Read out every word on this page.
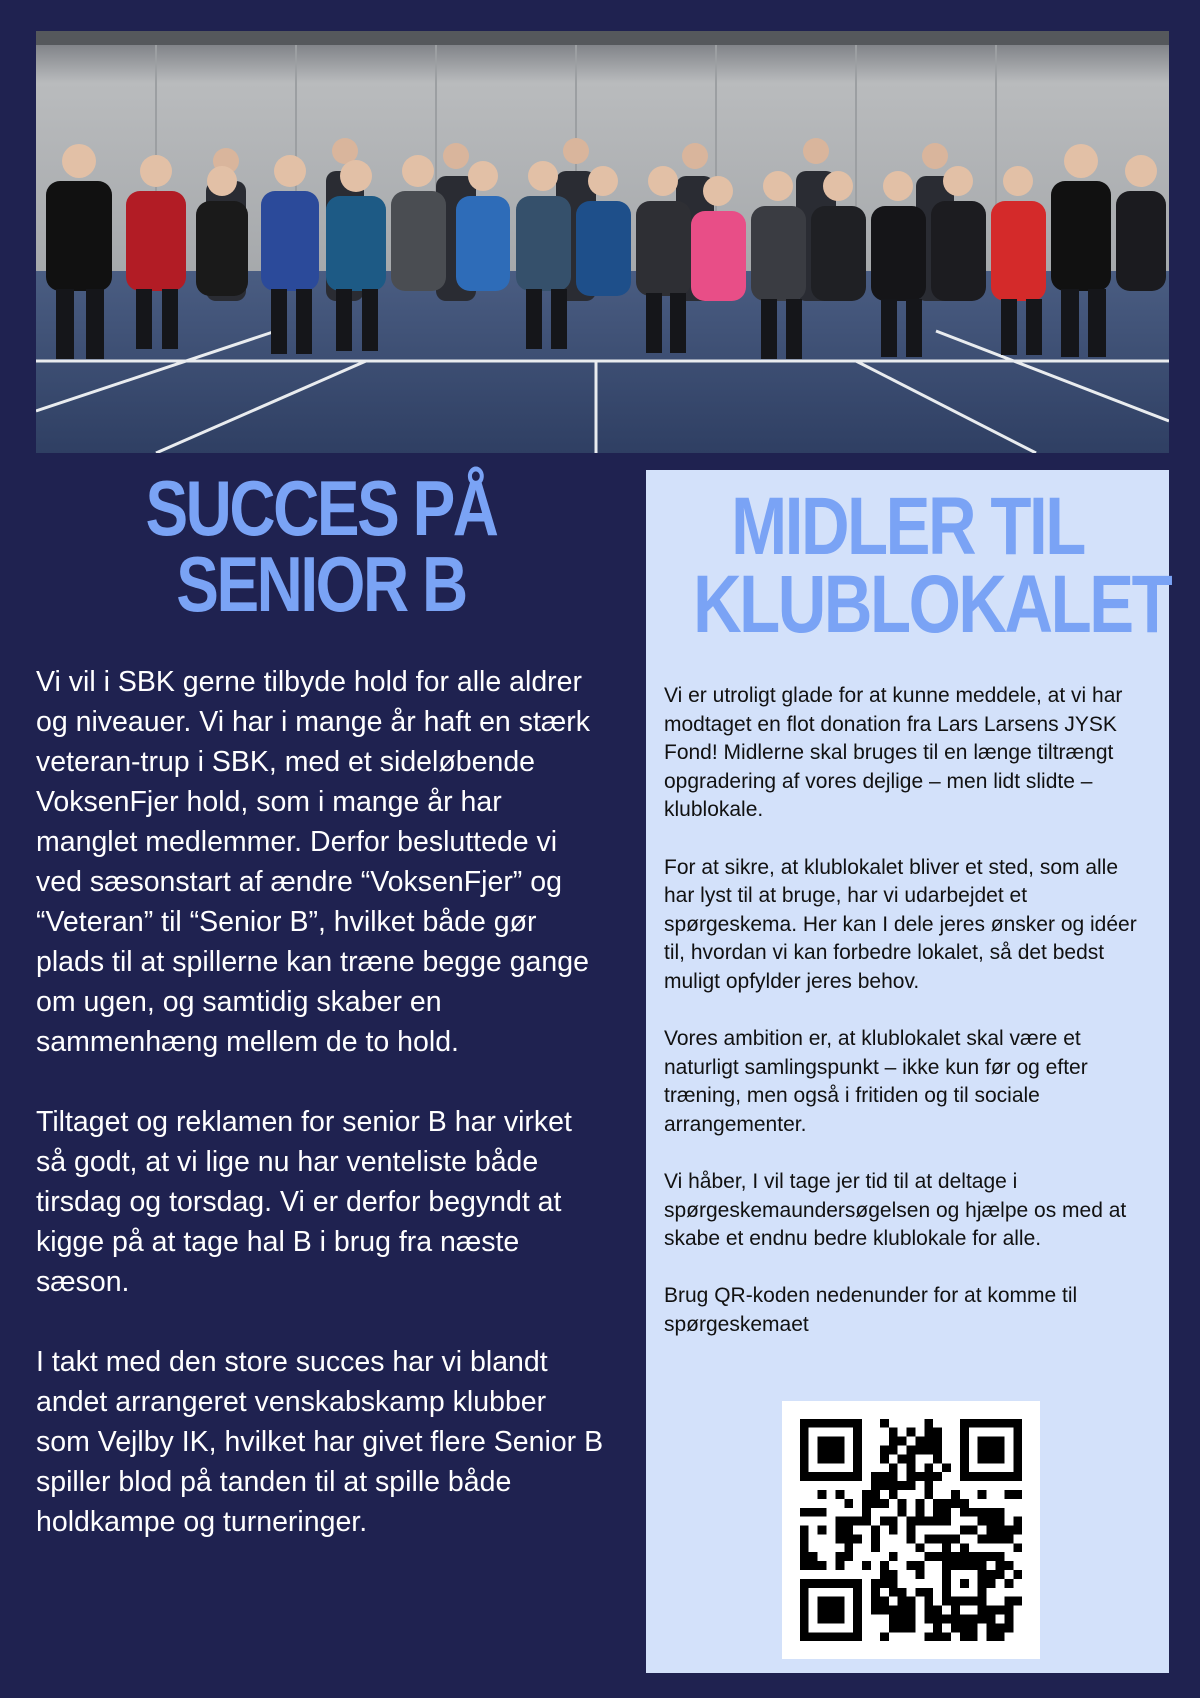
SUCCES PÅ SENIOR B

Vi vil i SBK gerne tilbyde hold for alle aldrer og niveauer. Vi har i mange år haft en stærk veteran-trup i SBK, med et sideløbende VoksenFjer hold, som i mange år har manglet medlemmer. Derfor besluttede vi ved sæsonstart af ændre “VoksenFjer” og “Veteran” til “Senior B”, hvilket både gør plads til at spillerne kan træne begge gange om ugen, og samtidig skaber en sammenhæng mellem de to hold.

Tiltaget og reklamen for senior B har virket så godt, at vi lige nu har venteliste både tirsdag og torsdag. Vi er derfor begyndt at kigge på at tage hal B i brug fra næste sæson.

I takt med den store succes har vi blandt andet arrangeret venskabskamp klubber som Vejlby IK, hvilket har givet flere Senior B spiller blod på tanden til at spille både holdkampe og turneringer.

MIDLER TIL KLUBLOKALET

Vi er utroligt glade for at kunne meddele, at vi har modtaget en flot donation fra Lars Larsens JYSK Fond! Midlerne skal bruges til en længe tiltrængt opgradering af vores dejlige – men lidt slidte – klublokale.

For at sikre, at klublokalet bliver et sted, som alle har lyst til at bruge, har vi udarbejdet et spørgeskema. Her kan I dele jeres ønsker og idéer til, hvordan vi kan forbedre lokalet, så det bedst muligt opfylder jeres behov.

Vores ambition er, at klublokalet skal være et naturligt samlingspunkt – ikke kun før og efter træning, men også i fritiden og til sociale arrangementer.

Vi håber, I vil tage jer tid til at deltage i spørgeskemaundersøgelsen og hjælpe os med at skabe et endnu bedre klublokale for alle.

Brug QR-koden nedenunder for at komme til spørgeskemaet
